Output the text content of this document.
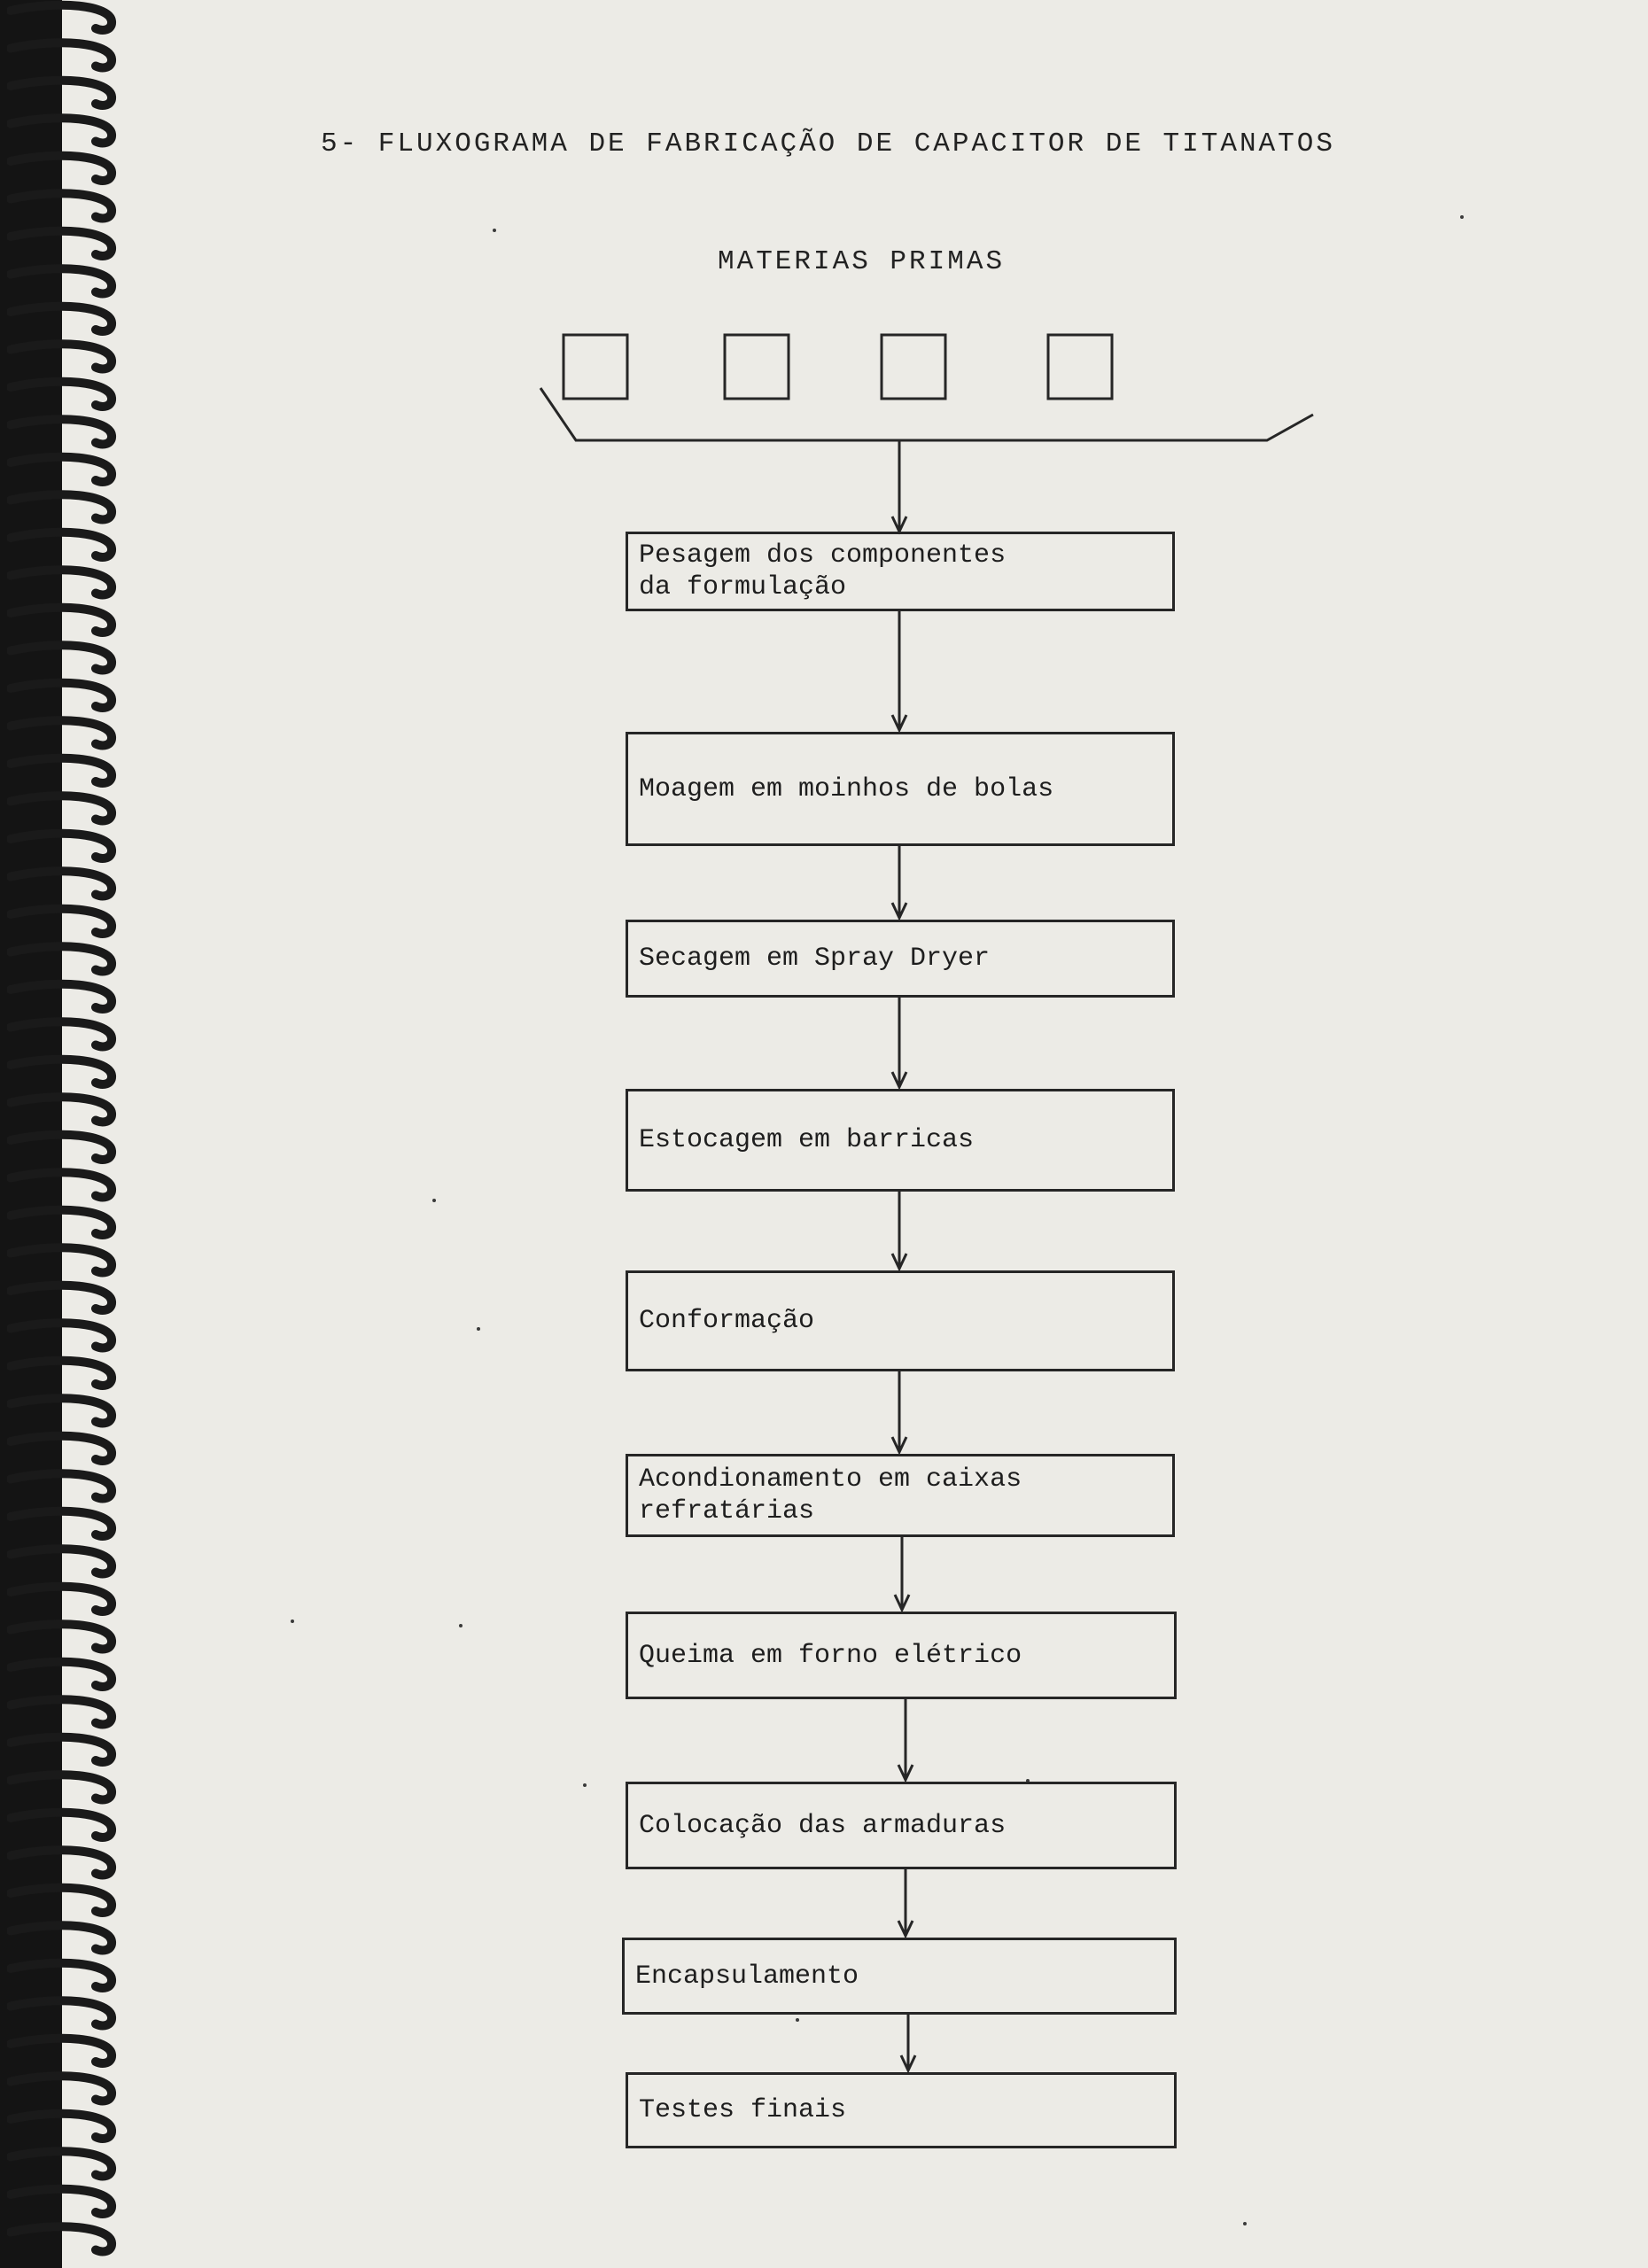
5- FLUXOGRAMA DE FABRICAÇÃO DE CAPACITOR DE TITANATOS
MATERIAS PRIMAS
Pesagem dos componentes
da formulação
Moagem em moinhos de bolas
Secagem em Spray Dryer
Estocagem em barricas
Conformação
Acondionamento em caixas
refratárias
Queima em forno elétrico
Colocação das armaduras
Encapsulamento
Testes finais
